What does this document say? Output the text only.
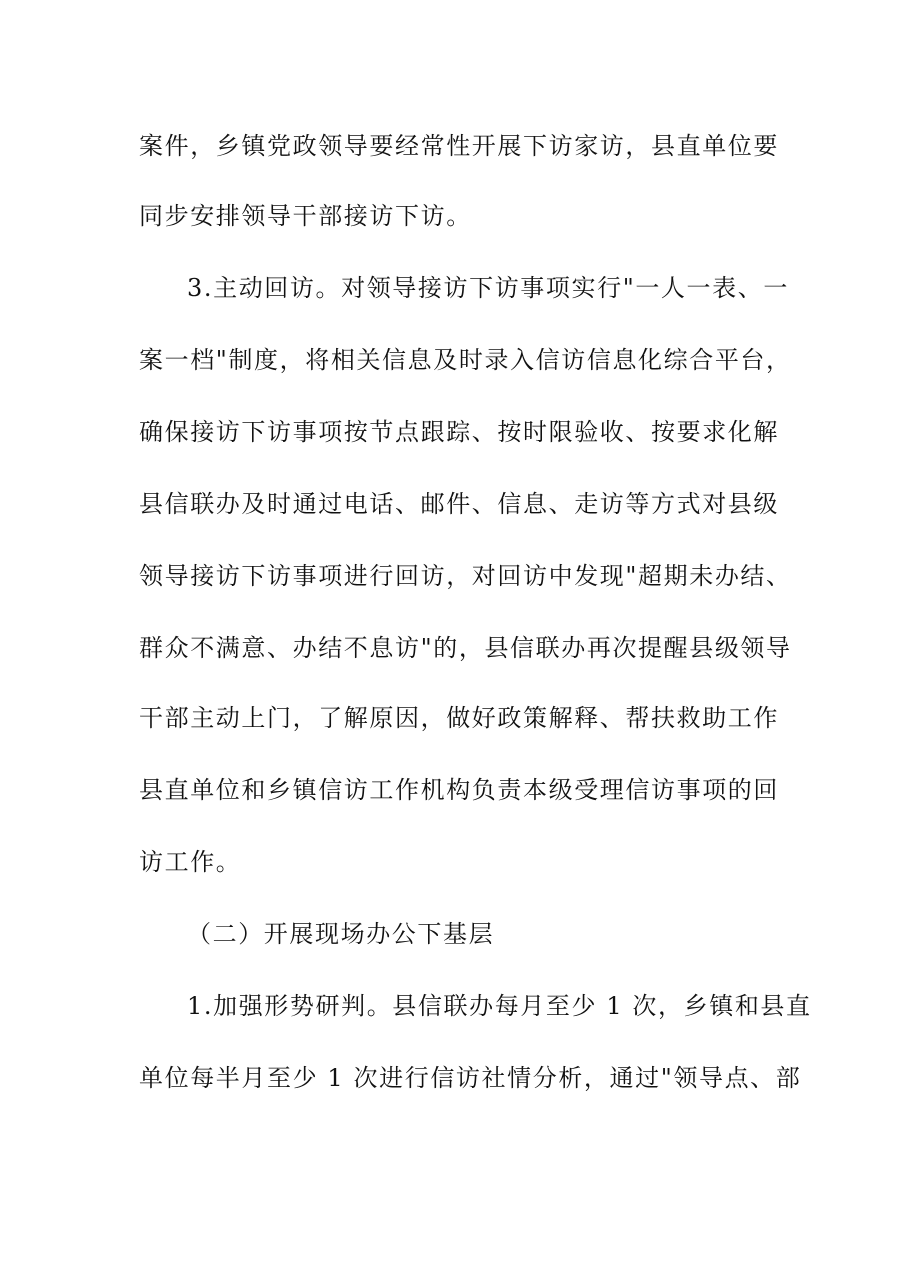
案件，乡镇党政领导要经常性开展下访家访，县直单位要
同步安排领导干部接访下访。
3.主动回访。对领导接访下访事项实行"一人一表、一
案一档"制度，将相关信息及时录入信访信息化综合平台，
确保接访下访事项按节点跟踪、按时限验收、按要求化解
县信联办及时通过电话、邮件、信息、走访等方式对县级
领导接访下访事项进行回访，对回访中发现"超期未办结、
群众不满意、办结不息访"的，县信联办再次提醒县级领导
干部主动上门，了解原因，做好政策解释、帮扶救助工作
县直单位和乡镇信访工作机构负责本级受理信访事项的回
访工作。
（二）开展现场办公下基层
1.加强形势研判。县信联办每月至少 1 次，乡镇和县直
单位每半月至少 1 次进行信访社情分析，通过"领导点、部
